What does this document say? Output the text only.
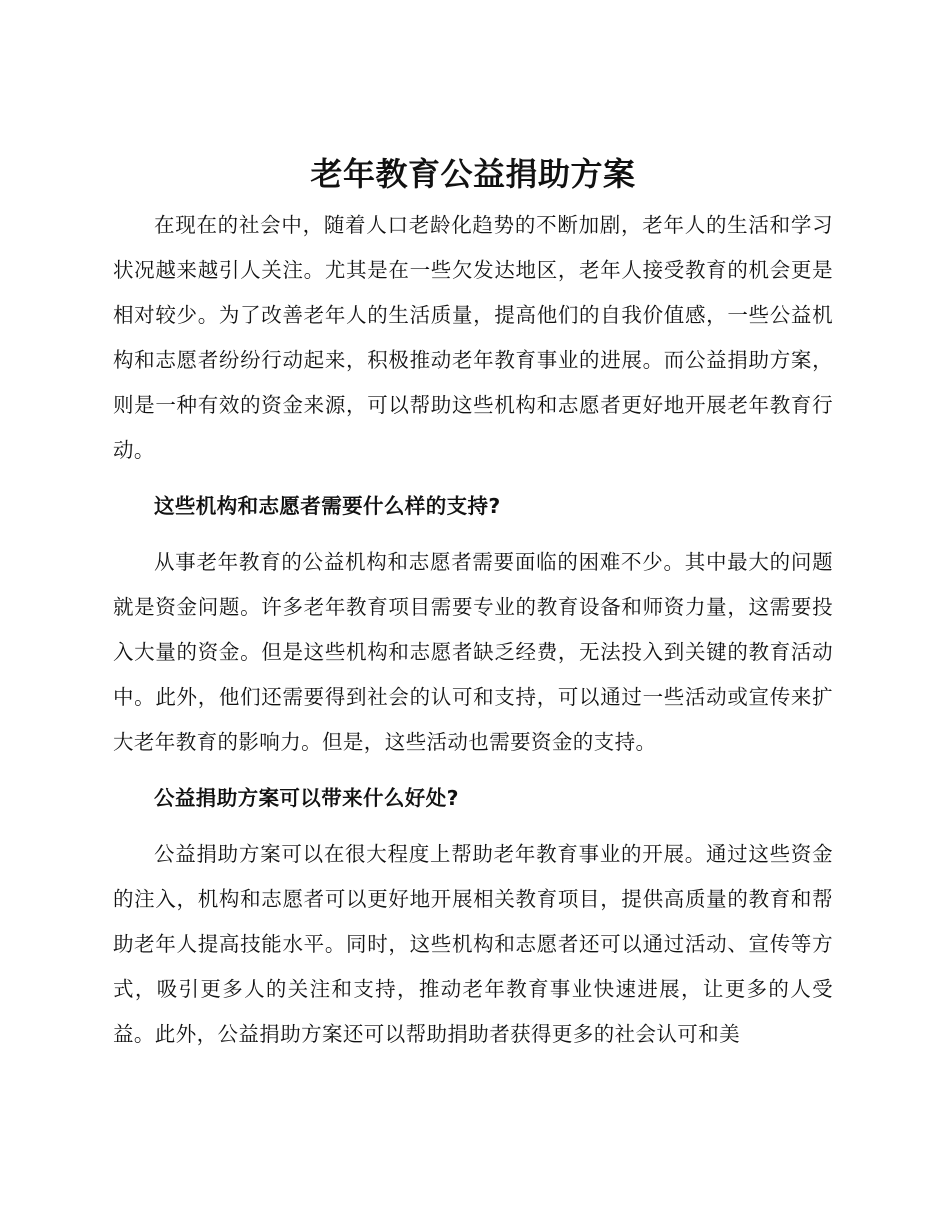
老年教育公益捐助方案

在现在的社会中，随着人口老龄化趋势的不断加剧，老年人的生活和学习状况越来越引人关注。尤其是在一些欠发达地区，老年人接受教育的机会更是相对较少。为了改善老年人的生活质量，提高他们的自我价值感，一些公益机构和志愿者纷纷行动起来，积极推动老年教育事业的进展。而公益捐助方案，则是一种有效的资金来源，可以帮助这些机构和志愿者更好地开展老年教育行动。

这些机构和志愿者需要什么样的支持?

从事老年教育的公益机构和志愿者需要面临的困难不少。其中最大的问题就是资金问题。许多老年教育项目需要专业的教育设备和师资力量，这需要投入大量的资金。但是这些机构和志愿者缺乏经费，无法投入到关键的教育活动中。此外，他们还需要得到社会的认可和支持，可以通过一些活动或宣传来扩大老年教育的影响力。但是，这些活动也需要资金的支持。

公益捐助方案可以带来什么好处?

公益捐助方案可以在很大程度上帮助老年教育事业的开展。通过这些资金的注入，机构和志愿者可以更好地开展相关教育项目，提供高质量的教育和帮助老年人提高技能水平。同时，这些机构和志愿者还可以通过活动、宣传等方式，吸引更多人的关注和支持，推动老年教育事业快速进展，让更多的人受益。此外，公益捐助方案还可以帮助捐助者获得更多的社会认可和美
